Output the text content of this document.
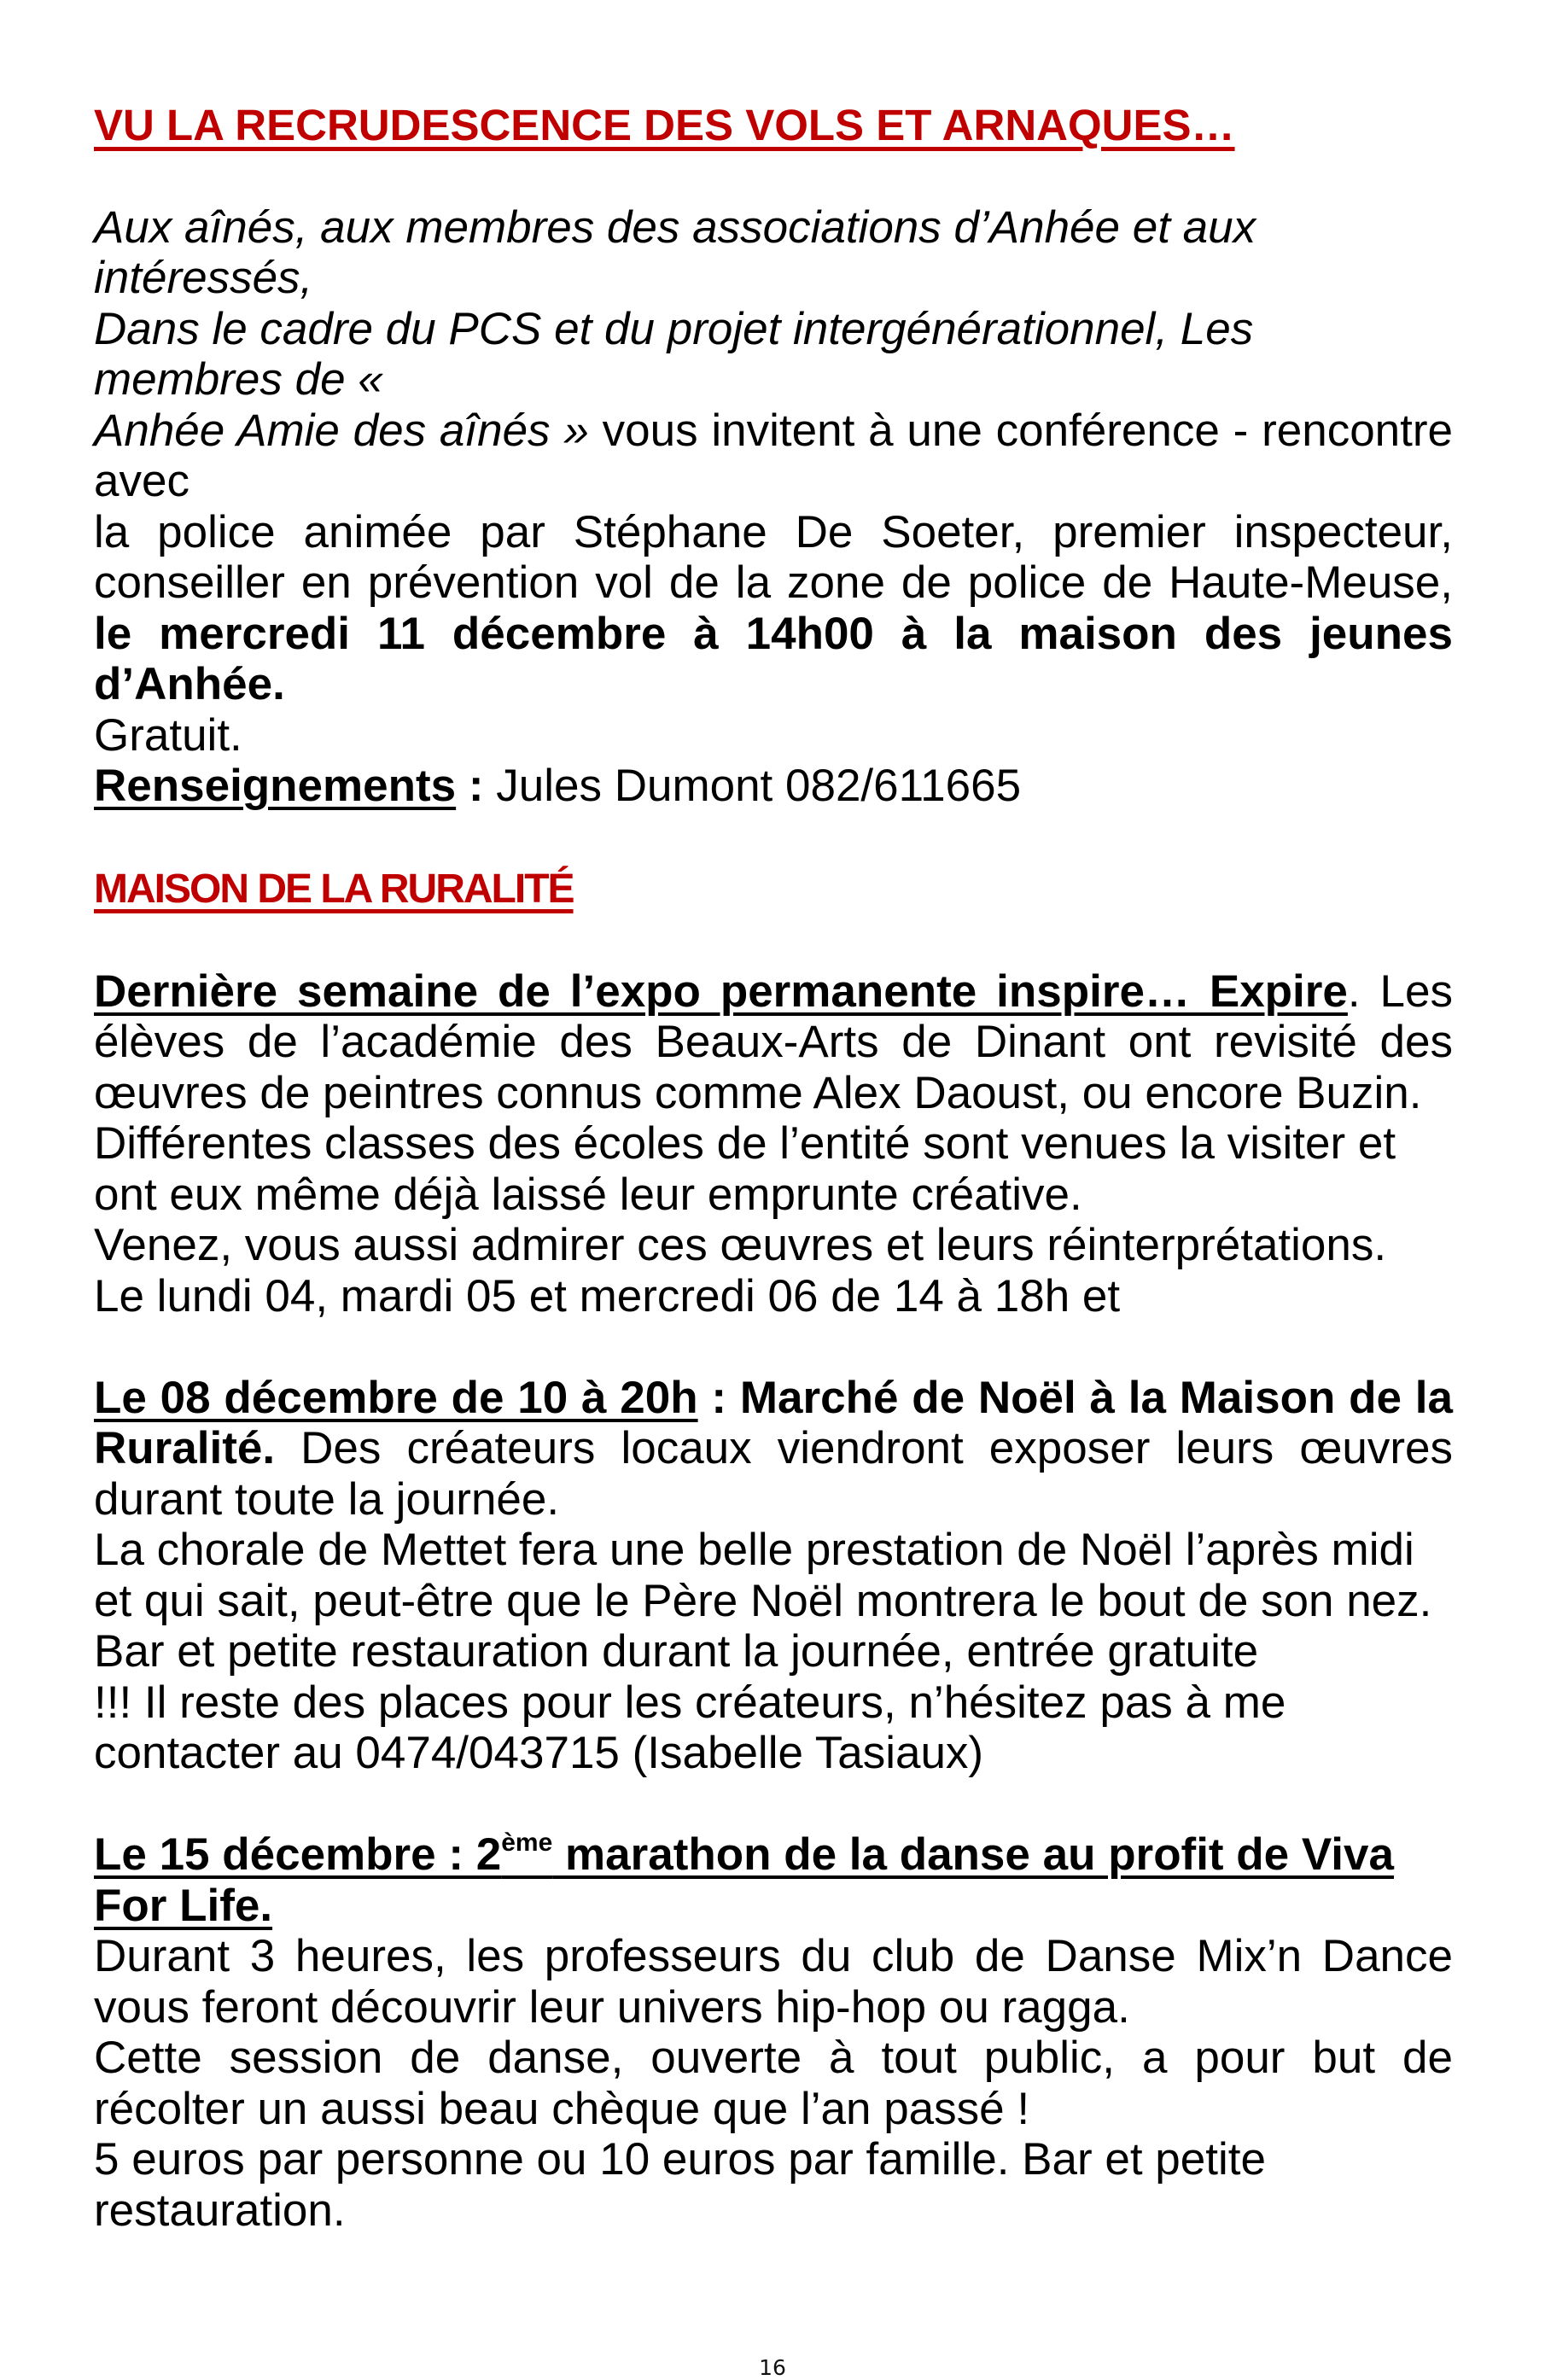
VU LA RECRUDESCENCE DES VOLS ET ARNAQUES…

Aux aînés, aux membres des associations d’Anhée et aux intéressés,

Dans le cadre du PCS et du projet intergénérationnel, Les membres de «

Anhée Amie des aînés » vous invitent à une conférence - rencontre avec

la police animée par Stéphane De Soeter, premier inspecteur, conseiller en prévention vol de la zone de police de Haute-Meuse, le mercredi 11 décembre à 14h00 à la maison des jeunes d’Anhée.

Gratuit.

Renseignements : Jules Dumont 082/611665

MAISON DE LA RURALITÉ

Dernière semaine de l’expo permanente inspire… Expire. Les élèves de l’académie des Beaux-Arts de Dinant ont revisité des œuvres de peintres connus comme Alex Daoust, ou encore Buzin.

Différentes classes des écoles de l’entité sont venues la visiter et ont eux même déjà laissé leur emprunte créative.

Venez, vous aussi admirer ces œuvres et leurs réinterprétations.

Le lundi 04, mardi 05 et mercredi 06 de 14 à 18h et

Le 08 décembre de 10 à 20h : Marché de Noël à la Maison de la Ruralité. Des créateurs locaux viendront exposer leurs œuvres durant toute la journée.

La chorale de Mettet fera une belle prestation de Noël l’après midi et qui sait, peut-être que le Père Noël montrera le bout de son nez.

Bar et petite restauration durant la journée, entrée gratuite

!!! Il reste des places pour les créateurs, n’hésitez pas à me contacter au 0474/043715 (Isabelle Tasiaux)

Le 15 décembre : 2ème marathon de la danse au profit de Viva For Life.

Durant 3 heures, les professeurs du club de Danse Mix’n Dance vous feront découvrir leur univers hip-hop ou ragga.

Cette session de danse, ouverte à tout public, a pour but de récolter un aussi beau chèque que l’an passé !

5 euros par personne ou 10 euros par famille. Bar et petite restauration.

16
